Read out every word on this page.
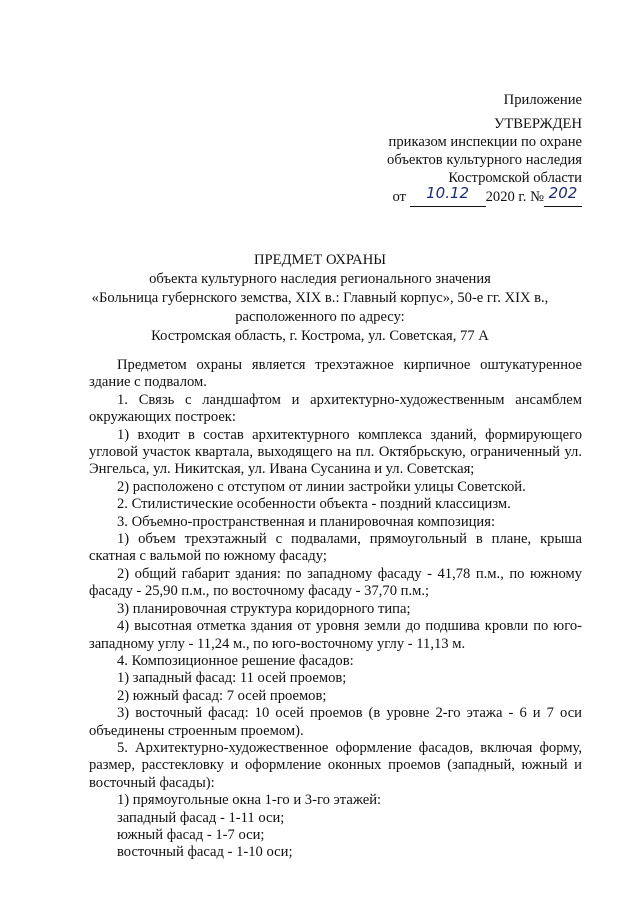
Приложение
УТВЕРЖДЕН
приказом инспекции по охране
объектов культурного наследия
Костромской области
от 10.12 2020 г. № 202
ПРЕДМЕТ ОХРАНЫ
объекта культурного наследия регионального значения
«Больница губернского земства, XIX в.: Главный корпус», 50-е гг. XIX в.,
расположенного по адресу:
Костромская область, г. Кострома, ул. Советская, 77 А

Предметом охраны является трехэтажное кирпичное оштукатуренное здание с подвалом.

1. Связь с ландшафтом и архитектурно-художественным ансамблем окружающих построек:

1) входит в состав архитектурного комплекса зданий, формирующего угловой участок квартала, выходящего на пл. Октябрьскую, ограниченный ул. Энгельса, ул. Никитская, ул. Ивана Сусанина и ул. Советская;

2) расположено с отступом от линии застройки улицы Советской.

2. Стилистические особенности объекта - поздний классицизм.

3. Объемно-пространственная и планировочная композиция:

1) объем трехэтажный с подвалами, прямоугольный в плане, крыша скатная с вальмой по южному фасаду;

2) общий габарит здания: по западному фасаду - 41,78 п.м., по южному фасаду - 25,90 п.м., по восточному фасаду - 37,70 п.м.;

3) планировочная структура коридорного типа;

4) высотная отметка здания от уровня земли до подшива кровли по юго-западному углу - 11,24 м., по юго-восточному углу - 11,13 м.

4. Композиционное решение фасадов:

1) западный фасад: 11 осей проемов;

2) южный фасад: 7 осей проемов;

3) восточный фасад: 10 осей проемов (в уровне 2-го этажа - 6 и 7 оси объединены строенным проемом).

5. Архитектурно-художественное оформление фасадов, включая форму, размер, расстекловку и оформление оконных проемов (западный, южный и восточный фасады):

1) прямоугольные окна 1-го и 3-го этажей:

западный фасад - 1-11 оси;

южный фасад - 1-7 оси;

восточный фасад - 1-10 оси;
